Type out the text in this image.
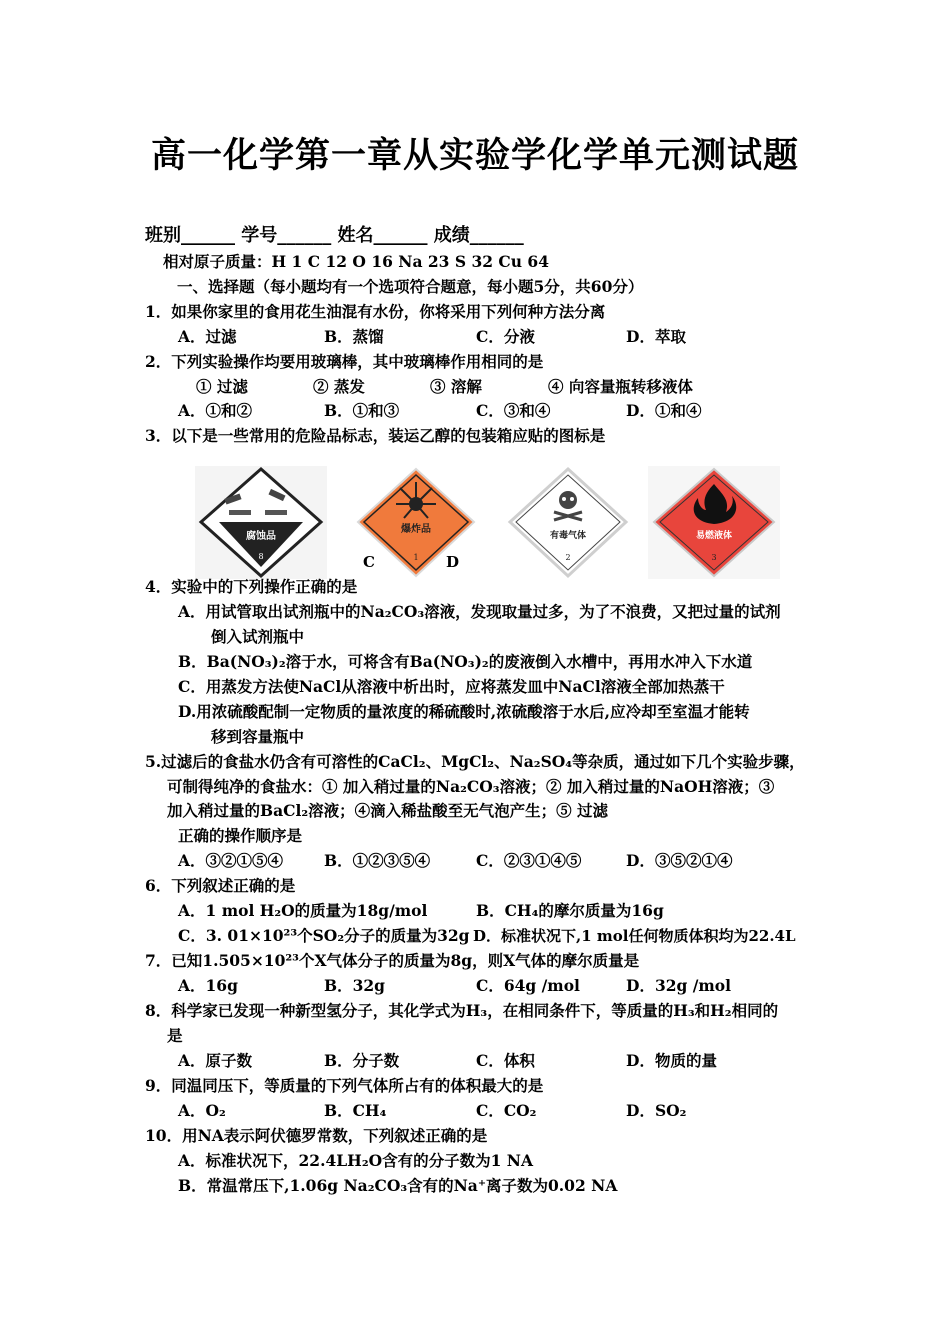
高一化学第一章从实验学化学单元测试题
班别______ 学号______ 姓名______ 成绩______
相对原子质量：H 1 C 12 O 16 Na 23 S 32 Cu 64
一、选择题（每小题均有一个选项符合题意，每小题5分，共60分）
1．如果你家里的食用花生油混有水份，你将采用下列何种方法分离
A．过滤	B．蒸馏	C．分液	D．萃取
2．下列实验操作均要用玻璃棒，其中玻璃棒作用相同的是
① 过滤	② 蒸发	③ 溶解	④ 向容量瓶转移液体
A．①和②	B．①和③	C．③和④	D．①和④
3．以下是一些常用的危险品标志，装运乙醇的包装箱应贴的图标是
腐蚀品
8
爆炸品
1
有毒气体
2
易燃液体
3
C	D
4．实验中的下列操作正确的是
A．用试管取出试剂瓶中的Na₂CO₃溶液，发现取量过多，为了不浪费，又把过量的试剂
倒入试剂瓶中
B．Ba(NO₃)₂溶于水，可将含有Ba(NO₃)₂的废液倒入水槽中，再用水冲入下水道
C．用蒸发方法使NaCl从溶液中析出时，应将蒸发皿中NaCl溶液全部加热蒸干
D.用浓硫酸配制一定物质的量浓度的稀硫酸时,浓硫酸溶于水后,应冷却至室温才能转
移到容量瓶中
5.过滤后的食盐水仍含有可溶性的CaCl₂、MgCl₂、Na₂SO₄等杂质，通过如下几个实验步骤，
可制得纯净的食盐水：① 加入稍过量的Na₂CO₃溶液；② 加入稍过量的NaOH溶液；③
加入稍过量的BaCl₂溶液；④滴入稀盐酸至无气泡产生；⑤ 过滤
正确的操作顺序是
A．③②①⑤④	B．①②③⑤④	C．②③①④⑤	D．③⑤②①④
6．下列叙述正确的是
A．1 mol H₂O的质量为18g/mol	B．CH₄的摩尔质量为16g
C．3. 01×10²³个SO₂分子的质量为32g D．标准状况下,1 mol任何物质体积均为22.4L
7．已知1.505×10²³个X气体分子的质量为8g，则X气体的摩尔质量是
A．16g	B．32g	C．64g /mol	D．32g /mol
8．科学家已发现一种新型氢分子，其化学式为H₃，在相同条件下，等质量的H₃和H₂相同的
是
A．原子数	B．分子数	C．体积	D．物质的量
9．同温同压下，等质量的下列气体所占有的体积最大的是
A．O₂	B．CH₄	C．CO₂	D．SO₂
10．用NA表示阿伏德罗常数，下列叙述正确的是
A．标准状况下，22.4LH₂O含有的分子数为1 NA
B．常温常压下,1.06g Na₂CO₃含有的Na⁺离子数为0.02 NA
